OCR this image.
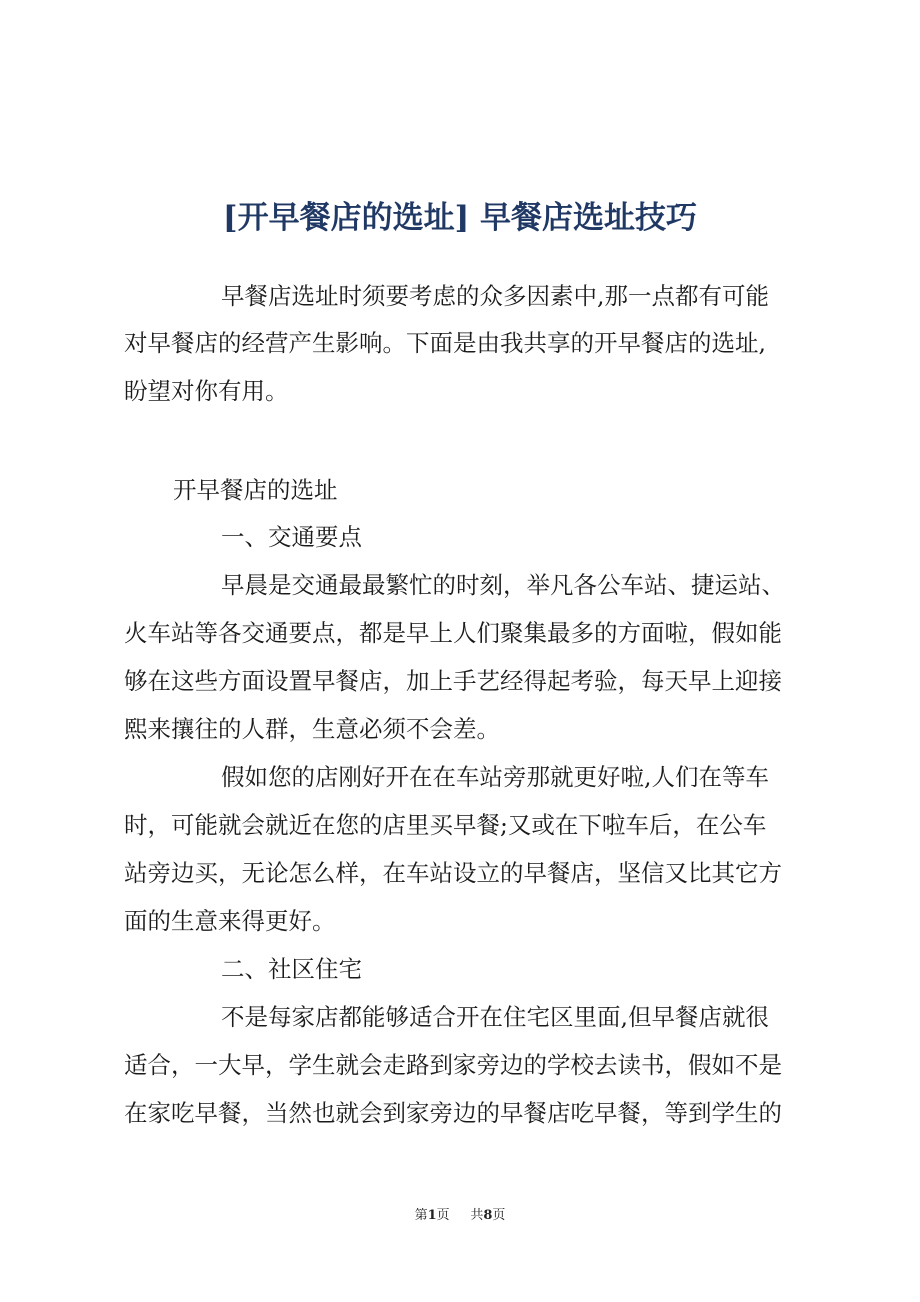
[开早餐店的选址] 早餐店选址技巧

早餐店选址时须要考虑的众多因素中,那一点都有可能

对早餐店的经营产生影响。下面是由我共享的开早餐店的选址,

盼望对你有用。

开早餐店的选址

一、交通要点

早晨是交通最最繁忙的时刻，举凡各公车站、捷运站、

火车站等各交通要点，都是早上人们聚集最多的方面啦，假如能

够在这些方面设置早餐店，加上手艺经得起考验，每天早上迎接

熙来攘往的人群，生意必须不会差。

假如您的店刚好开在在车站旁那就更好啦,人们在等车

时，可能就会就近在您的店里买早餐;又或在下啦车后，在公车

站旁边买，无论怎么样，在车站设立的早餐店，坚信又比其它方

面的生意来得更好。

二、社区住宅

不是每家店都能够适合开在住宅区里面,但早餐店就很

适合，一大早，学生就会走路到家旁边的学校去读书，假如不是

在家吃早餐，当然也就会到家旁边的早餐店吃早餐，等到学生的

第1页 共8页
